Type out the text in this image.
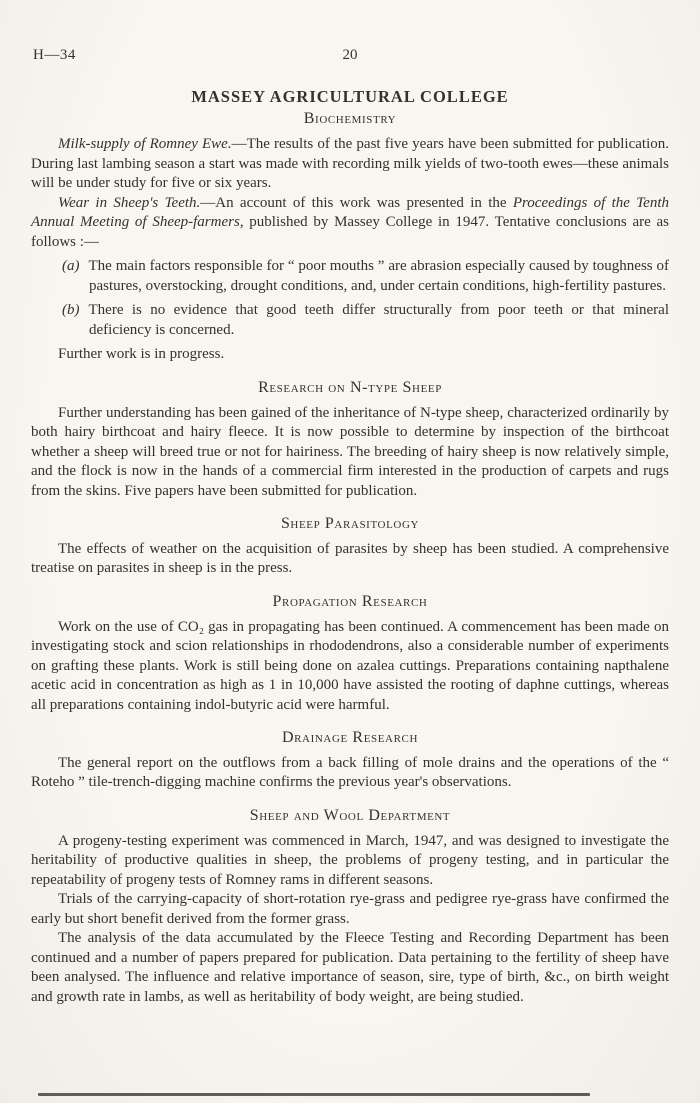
H—34	20
MASSEY AGRICULTURAL COLLEGE
Biochemistry

Milk-supply of Romney Ewe.—The results of the past five years have been submitted for publication. During last lambing season a start was made with recording milk yields of two-tooth ewes—these animals will be under study for five or six years.

Wear in Sheep's Teeth.—An account of this work was presented in the Proceedings of the Tenth Annual Meeting of Sheep-farmers, published by Massey College in 1947. Tentative conclusions are as follows :—

(a) The main factors responsible for “ poor mouths ” are abrasion especially caused by toughness of pastures, overstocking, drought conditions, and, under certain conditions, high-fertility pastures.
(b) There is no evidence that good teeth differ structurally from poor teeth or that mineral deficiency is concerned.

Further work is in progress.

Research on N-type Sheep

Further understanding has been gained of the inheritance of N-type sheep, characterized ordinarily by both hairy birthcoat and hairy fleece. It is now possible to determine by inspection of the birthcoat whether a sheep will breed true or not for hairiness. The breeding of hairy sheep is now relatively simple, and the flock is now in the hands of a commercial firm interested in the production of carpets and rugs from the skins. Five papers have been submitted for publication.

Sheep Parasitology

The effects of weather on the acquisition of parasites by sheep has been studied. A comprehensive treatise on parasites in sheep is in the press.

Propagation Research

Work on the use of CO₂ gas in propagating has been continued. A commencement has been made on investigating stock and scion relationships in rhododendrons, also a considerable number of experiments on grafting these plants. Work is still being done on azalea cuttings. Preparations containing napthalene acetic acid in concentration as high as 1 in 10,000 have assisted the rooting of daphne cuttings, whereas all preparations containing indol-butyric acid were harmful.

Drainage Research

The general report on the outflows from a back filling of mole drains and the operations of the “ Roteho ” tile-trench-digging machine confirms the previous year's observations.

Sheep and Wool Department

A progeny-testing experiment was commenced in March, 1947, and was designed to investigate the heritability of productive qualities in sheep, the problems of progeny testing, and in particular the repeatability of progeny tests of Romney rams in different seasons.

Trials of the carrying-capacity of short-rotation rye-grass and pedigree rye-grass have confirmed the early but short benefit derived from the former grass.

The analysis of the data accumulated by the Fleece Testing and Recording Department has been continued and a number of papers prepared for publication. Data pertaining to the fertility of sheep have been analysed. The influence and relative importance of season, sire, type of birth, &c., on birth weight and growth rate in lambs, as well as heritability of body weight, are being studied.
